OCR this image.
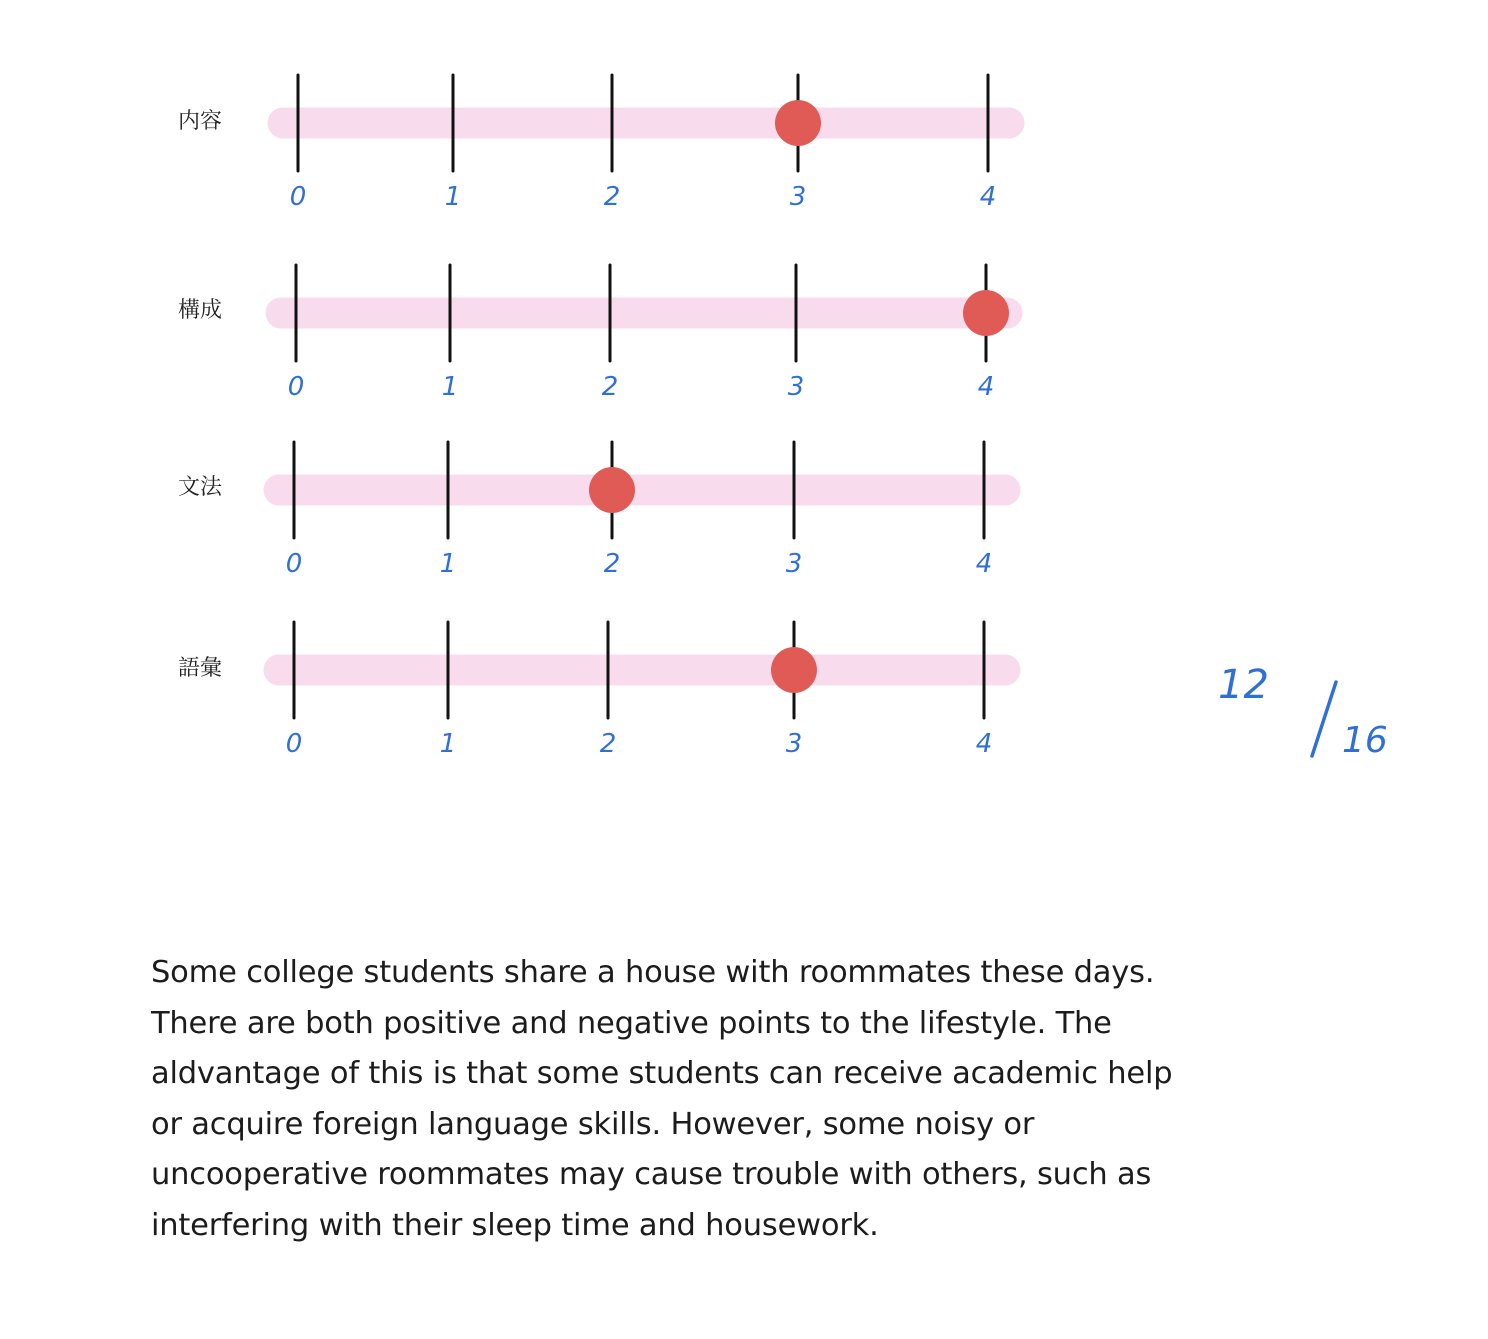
内容
構成
文法
語彙
0	1	2	3	4
0	1	2	3	4
0	1	2	3	4
0	1	2	3	4
12
16
Some college students share a house with roommates these days.
There are both positive and negative points to the lifestyle. The
aldvantage of this is that some students can receive academic help
or acquire foreign language skills. However, some noisy or
uncooperative roommates may cause trouble with others, such as
interfering with their sleep time and housework.
